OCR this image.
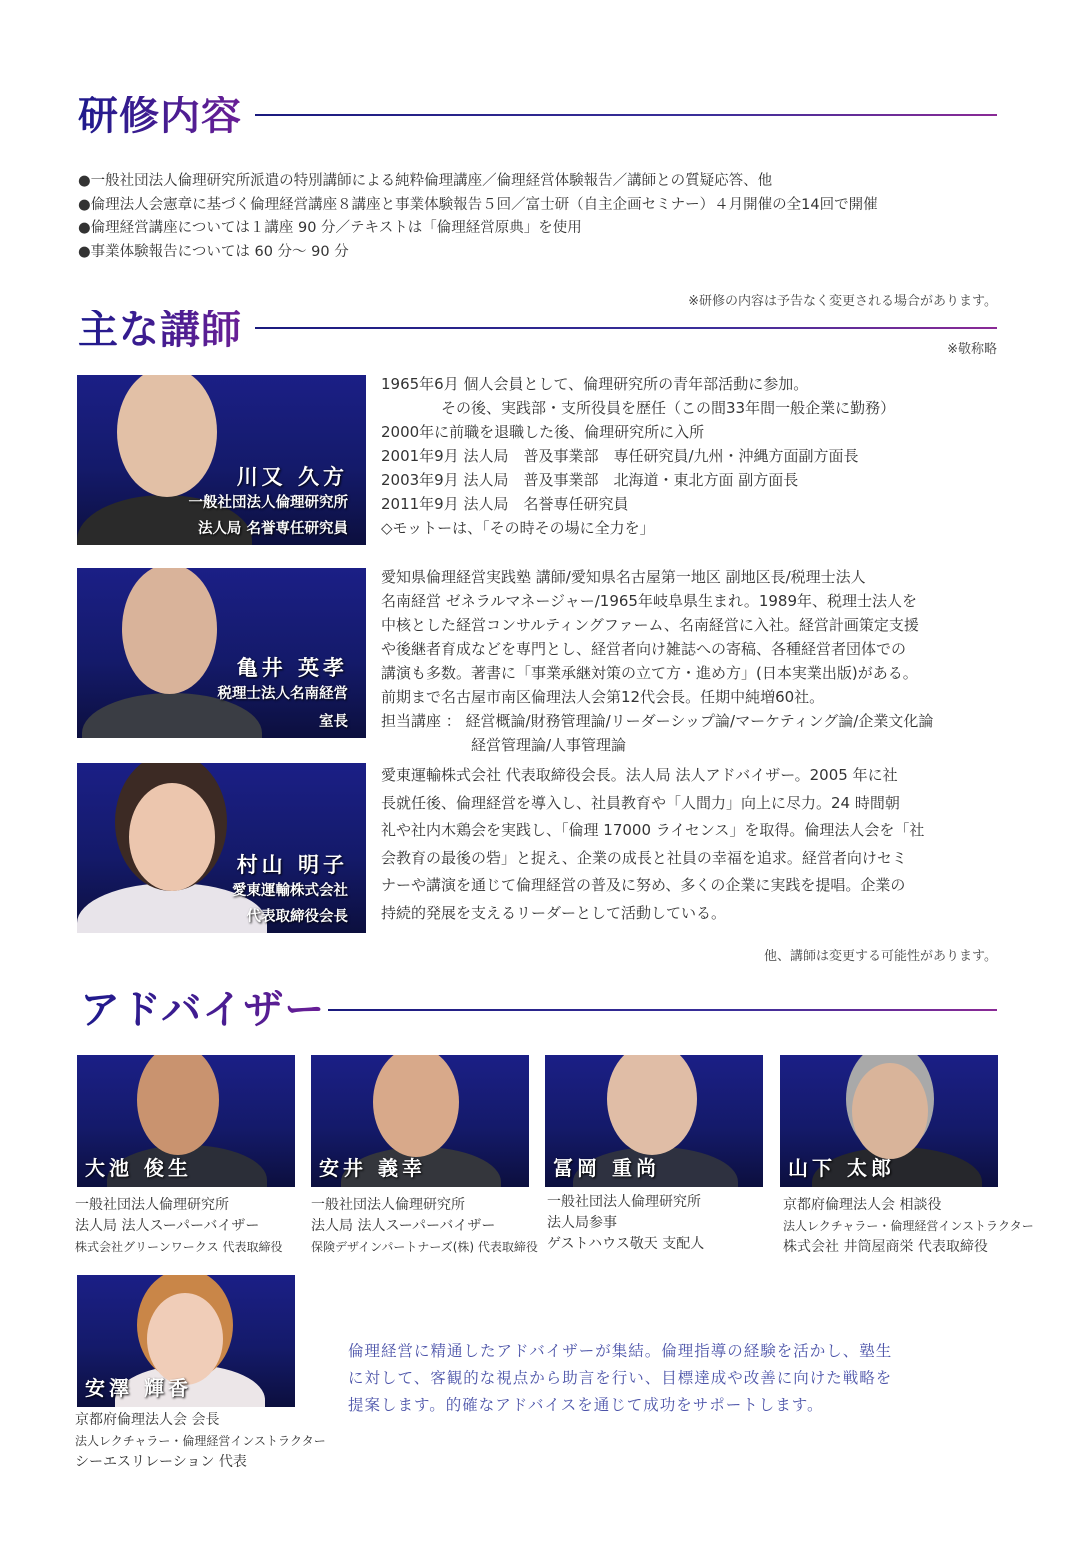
研修内容
●一般社団法人倫理研究所派遣の特別講師による純粋倫理講座／倫理経営体験報告／講師との質疑応答、他
●倫理法人会憲章に基づく倫理経営講座８講座と事業体験報告５回／富士研（自主企画セミナー）４月開催の全14回で開催
●倫理経営講座については１講座 90 分／テキストは「倫理経営原典」を使用
●事業体験報告については 60 分〜 90 分
※研修の内容は予告なく変更される場合があります。
主な講師	※敬称略
川又 久方
一般社団法人倫理研究所
法人局 名誉専任研究員
1965年6月 個人会員として、倫理研究所の青年部活動に参加。
　　　　その後、実践部・支所役員を歴任（この間33年間一般企業に勤務）
2000年に前職を退職した後、倫理研究所に入所
2001年9月 法人局　普及事業部　専任研究員/九州・沖縄方面副方面長
2003年9月 法人局　普及事業部　北海道・東北方面 副方面長
2011年9月 法人局　名誉専任研究員
◇モットーは、「その時その場に全力を」
亀井 英孝
税理士法人名南経営
室長
愛知県倫理経営実践塾 講師/愛知県名古屋第一地区 副地区長/税理士法人
名南経営 ゼネラルマネージャー/1965年岐阜県生まれ。1989年、税理士法人を
中核とした経営コンサルティングファーム、名南経営に入社。経営計画策定支援
や後継者育成などを専門とし、経営者向け雑誌への寄稿、各種経営者団体での
講演も多数。著書に「事業承継対策の立て方・進め方」(日本実業出版)がある。
前期まで名古屋市南区倫理法人会第12代会長。任期中純増60社。
担当講座 ： 経営概論/財務管理論/リーダーシップ論/マーケティング論/企業文化論
　　　　　　経営管理論/人事管理論
村山 明子
愛東運輸株式会社
代表取締役会長
愛東運輸株式会社 代表取締役会長。法人局 法人アドバイザー。2005 年に社
長就任後、倫理経営を導入し、社員教育や「人間力」向上に尽力。24 時間朝
礼や社内木鶏会を実践し、「倫理 17000 ライセンス」を取得。倫理法人会を「社
会教育の最後の砦」と捉え、企業の成長と社員の幸福を追求。経営者向けセミ
ナーや講演を通じて倫理経営の普及に努め、多くの企業に実践を提唱。企業の
持続的発展を支えるリーダーとして活動している。
他、講師は変更する可能性があります。
アドバイザー
大池 俊生
一般社団法人倫理研究所
法人局 法人スーパーバイザー
株式会社グリーンワークス 代表取締役
安井 義幸
一般社団法人倫理研究所
法人局 法人スーパーバイザー
保険デザインパートナーズ(株) 代表取締役
冨岡 重尚
一般社団法人倫理研究所
法人局参事
ゲストハウス敬天 支配人
山下 太郎
京都府倫理法人会 相談役
法人レクチャラー・倫理経営インストラクター
株式会社 井筒屋商栄 代表取締役
安澤 輝香
京都府倫理法人会 会長
法人レクチャラー・倫理経営インストラクター
シーエスリレーション 代表
倫理経営に精通したアドバイザーが集結。倫理指導の経験を活かし、塾生
に対して、客観的な視点から助言を行い、目標達成や改善に向けた戦略を
提案します。的確なアドバイスを通じて成功をサポートします。
